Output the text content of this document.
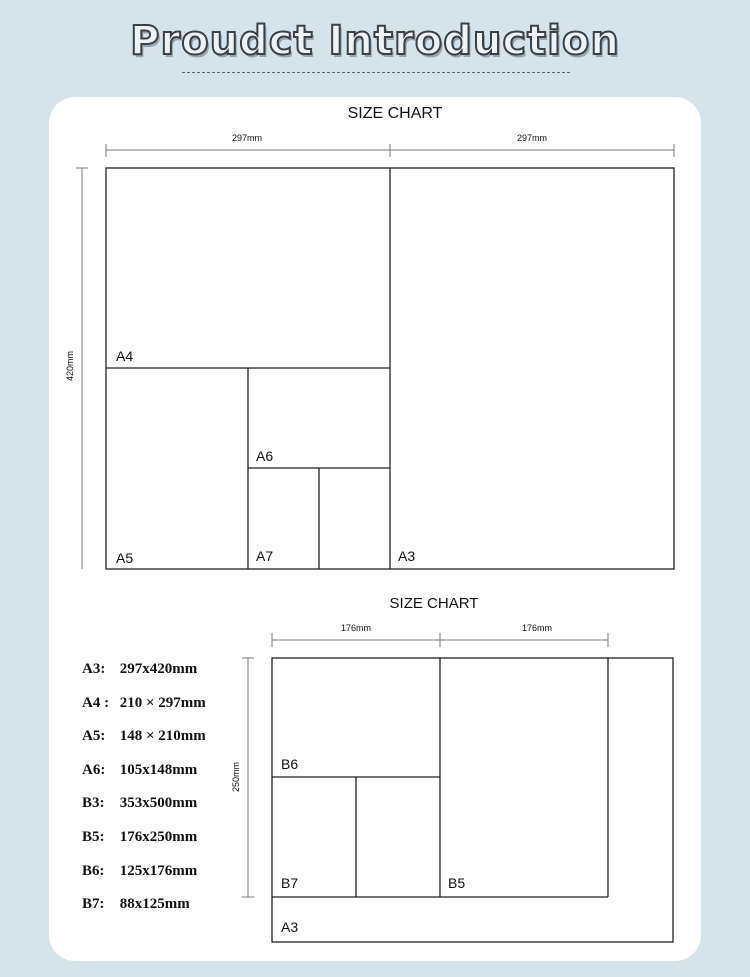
Proudct Introduction
SIZE CHART
297mm	297mm
420mm	A4
A5
A6
A7	A3
SIZE CHART
176mm	176mm
250mm	B6
B7	B5
A3
A3: 297x420mm
A4 : 210 × 297mm
A5: 148 × 210mm
A6: 105x148mm
B3: 353x500mm
B5: 176x250mm
B6: 125x176mm
B7: 88x125mm
